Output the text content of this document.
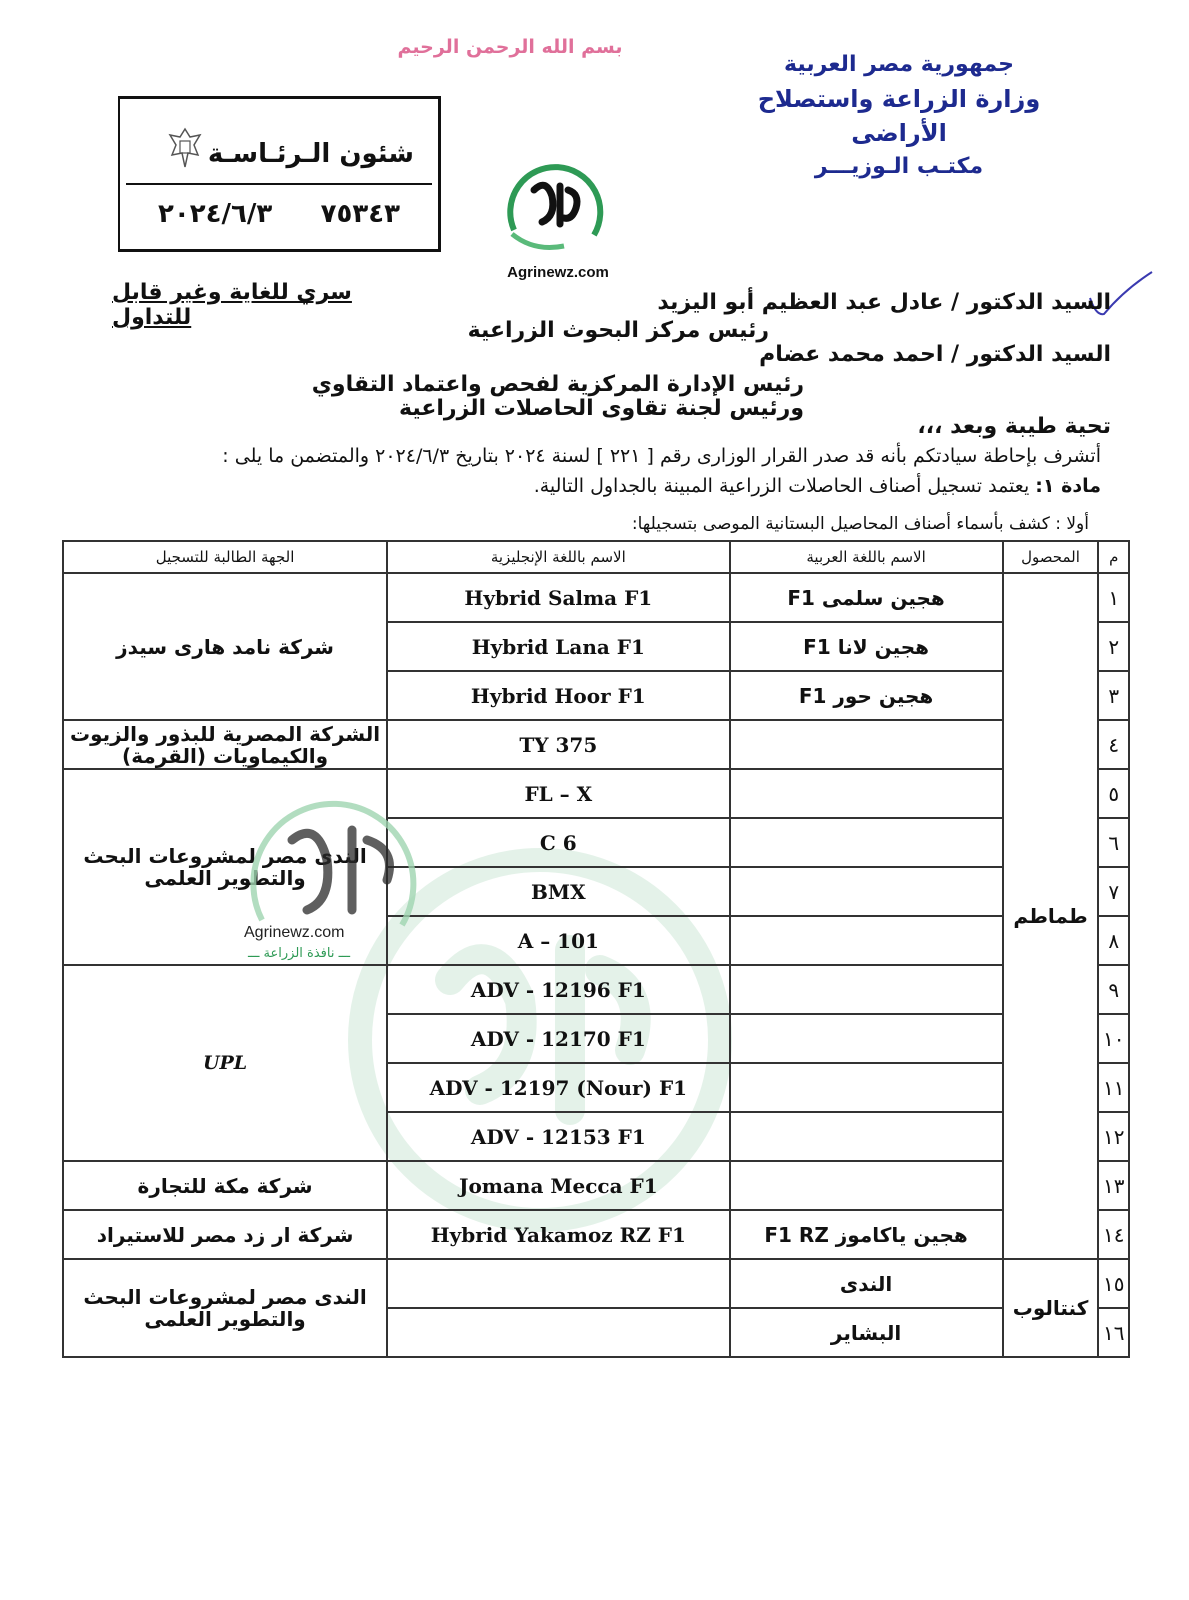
بسم الله الرحمن الرحيم
جمهورية مصر العربية
وزارة الزراعة واستصلاح الأراضى
مكتـب الـوزيـــر
شئون الـرئـاسـة
٧٥٣٤٣
٢٠٢٤/٦/٣
Agrinewz.com
سري للغاية وغير قابل للتداول
السيد الدكتور / عادل عبد العظيم أبو اليزيد
رئيس مركز البحوث الزراعية
السيد الدكتور / احمد محمد عضام
رئيس الإدارة المركزية لفحص واعتماد التقاوي
ورئيس لجنة تقاوى الحاصلات الزراعية
تحية طيبة وبعد ،،،
أتشرف بإحاطة سيادتكم بأنه قد صدر القرار الوزارى رقم [ ٢٢١ ] لسنة ٢٠٢٤ بتاريخ ٢٠٢٤/٦/٣ والمتضمن ما يلى :
مادة ١: يعتمد تسجيل أصناف الحاصلات الزراعية المبينة بالجداول التالية.
أولا : كشف بأسماء أصناف المحاصيل البستانية الموصى بتسجيلها:
م	المحصول	الاسم باللغة العربية	الاسم باللغة الإنجليزية	الجهة الطالبة للتسجيل
١	طماطم	هجين سلمى F1	Hybrid Salma F1	شركة نامد هارى سيدز
٢		هجين لانا F1	Hybrid Lana F1	
٣		هجين حور F1	Hybrid Hoor F1	
٤			TY 375	الشركة المصرية للبذور والزيوت والكيماويات (القرمة)
٥			FL – X	الندى مصر لمشروعات البحث والتطوير العلمى
٦			C 6	
٧			BMX	
٨			A – 101	
٩			ADV - 12196 F1	UPL
١٠			ADV - 12170 F1	
١١			ADV - 12197 (Nour) F1	
١٢			ADV - 12153 F1	
١٣			Jomana Mecca F1	شركة مكة للتجارة
١٤		هجين ياكاموز F1 RZ	Hybrid Yakamoz RZ F1	شركة ار زد مصر للاستيراد
١٥	كنتالوب	الندى		الندى مصر لمشروعات البحث والتطوير العلمى
١٦		البشاير		
Agrinewz.com
ـــ نافذة الزراعة ـــ
